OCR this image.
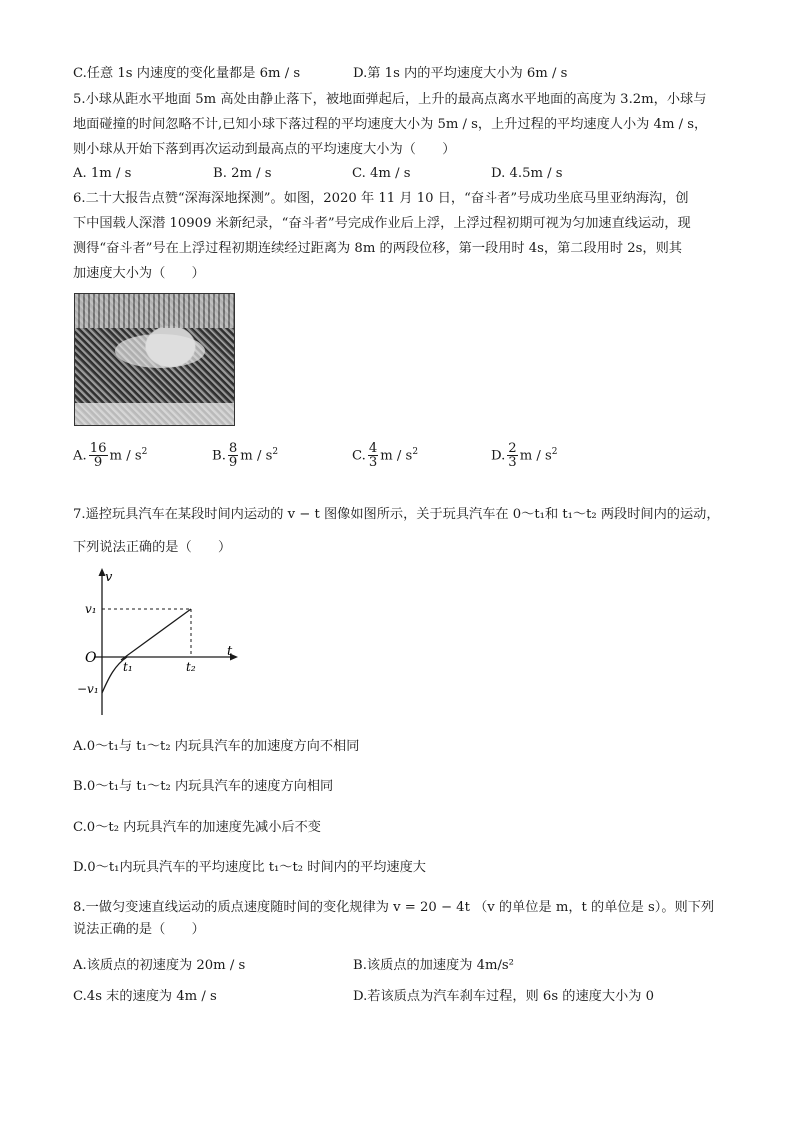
C.任意 1s 内速度的变化量都是 6m / s	D.第 1s 内的平均速度大小为 6m / s
5.小球从距水平地面 5m 高处由静止落下，被地面弹起后，上升的最高点离水平地面的高度为 3.2m，小球与
地面碰撞的时间忽略不计,已知小球下落过程的平均速度大小为 5m / s，上升过程的平均速度人小为 4m / s，
则小球从开始下落到再次运动到最高点的平均速度大小为（　　）
A. 1m / s	B. 2m / s	C. 4m / s	D. 4.5m / s
6.二十大报告点赞“深海深地探测”。如图，2020 年 11 月 10 日，“奋斗者”号成功坐底马里亚纳海沟，创
下中国载人深潜 10909 米新纪录，“奋斗者”号完成作业后上浮，上浮过程初期可视为匀加速直线运动，现
测得“奋斗者”号在上浮过程初期连续经过距离为 8m 的两段位移，第一段用时 4s，第二段用时 2s，则其
加速度大小为（　　）
A. $\frac{16}{9}$ m / $s^2$	B. $\frac{8}{9}$ m / $s^2$	C. $\frac{4}{3}$ m / $s^2$	D. $\frac{2}{3}$ m / $s^2$
7.遥控玩具汽车在某段时间内运动的 v − t 图像如图所示，关于玩具汽车在 0～t₁和 t₁～t₂ 两段时间内的运动，
下列说法正确的是（　　）
v
v₁
O
−v₁
t
t₁	t₂
A.0～t₁与 t₁～t₂ 内玩具汽车的加速度方向不相同
B.0～t₁与 t₁～t₂ 内玩具汽车的速度方向相同
C.0～t₂ 内玩具汽车的加速度先减小后不变
D.0～t₁内玩具汽车的平均速度比 t₁～t₂ 时间内的平均速度大
8.一做匀变速直线运动的质点速度随时间的变化规律为 v = 20 − 4t （v 的单位是 m，t 的单位是 s）。则下列
说法正确的是（　　）
A.该质点的初速度为 20m / s	B.该质点的加速度为 4m/s²
C.4s 末的速度为 4m / s	D.若该质点为汽车刹车过程，则 6s 的速度大小为 0
